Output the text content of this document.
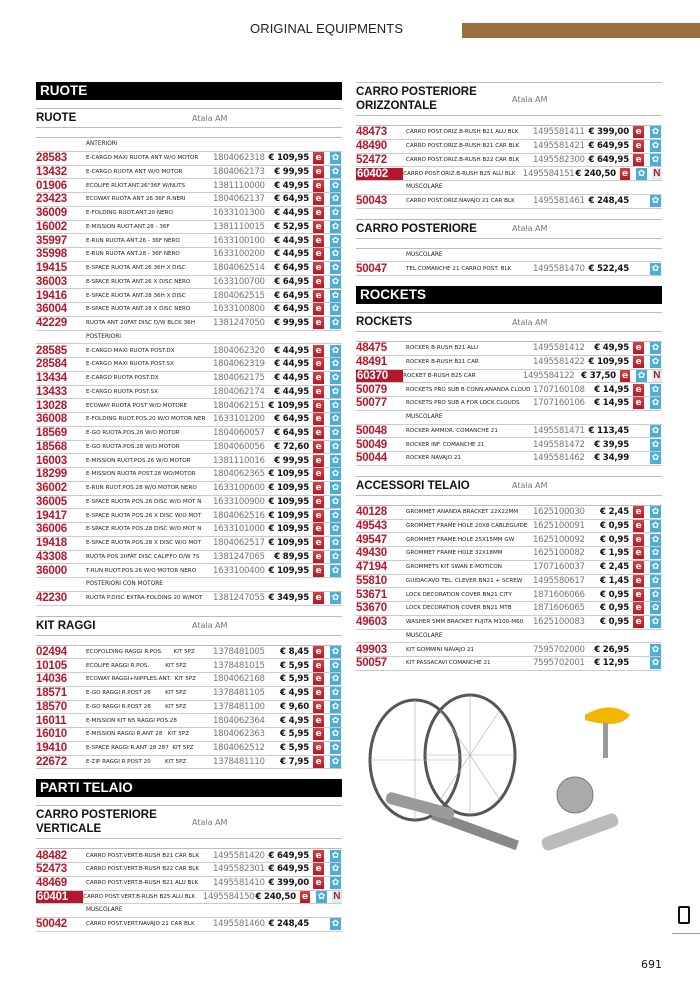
ORIGINAL EQUIPMENTS
RUOTE
RUOTE	Atala AM
ANTERIORI
28583	E-CARGO MAXI RUOTA ANT W/O MOTOR	1804062318 € 109,95 e ✿
13432	E-CARGO RUOTA ANT W/O MOTOR	1804062173	€ 99,95 e ✿
01906	ECOLIFE RUOT.ANT.26"36F W/NUTS	1381110000	€ 49,95 e ✿
23423	ECOWAY RUOTA ANT 26 36F R.NERI	1804062137	€ 64,95 e ✿
36009	E-FOLDING RUOT.ANT.20 NERO	1633101300	€ 44,95 e ✿
16002	E-MISSION RUOT.ANT.28 - 36F	1381110015	€ 52,95 e ✿
35997	E-RUN RUOTA ANT.26 - 36F NERO	1633100100	€ 44,95 e ✿
35998	E-RUN RUOTA ANT.28 - 36F NERO	1633100200	€ 44,95 e ✿
19415	E-SPACE RUOTA ANT.26 36H X DISC	1804062514	€ 64,95 e ✿
36003	E-SPACE RUOTA ANT.26 X DISC NERO	1633100700	€ 64,95 e ✿
19416	E-SPACE RUOTA ANT.28 36H X DISC	1804062515	€ 64,95 e ✿
36004	E-SPACE RUOTA ANT.28 X DISC NERO	1633100800	€ 64,95 e ✿
42229	RUOTA ANT 20FAT DISC D/W BLCK 36H	1381247050	€ 99,95 e ✿
POSTERIORI
28585	E-CARGO MAXI RUOTA POST.DX	1804062320	€ 44,95 e ✿
28584	E-CARGO MAXI RUOTA POST.SX	1804062319	€ 44,95 e ✿
13434	E-CARGO RUOTA POST.DX	1804062175	€ 44,95 e ✿
13433	E-CARGO RUOTA POST.SX	1804062174	€ 44,95 e ✿
13028	ECOWAY RUOTA POST W/O MOTORE	1804062151 € 109,95 e ✿
36008	E-FOLDING RUOT.POS.20 W/O MOTOR NER 1633101200	€ 64,95 e ✿
18569	E-GO RUOTA.POS.26 W/O MOTOR	1804060057	€ 64,95 e ✿
18568	E-GO RUOTA.POS.28 W/O MOTOR	1804060056	€ 72,60 e ✿
16003	E-MISSION RUOT.POS.26 W/O MOTOR	1381110016	€ 99,95 e ✿
18299	E-MISSION RUOTA POST.28 WO/MOTOR	1804062365 € 109,95 e ✿
36002	E-RUN RUOT.POS.28 W/O MOTOR NERO	1633100600 € 109,95 e ✿
36005	E-SPACE RUOTA POS.26 DISC W/O MOT N	1633100900 € 109,95 e ✿
19417	E-SPACE RUOTA POS.26 X DISC W/O MOT	1804062516 € 109,95 e ✿
36006	E-SPACE RUOTA POS.28 DISC W/O MOT N	1633101000 € 109,95 e ✿
19418	E-SPACE RUOTA POS.28 X DISC W/O MOT	1804062517 € 109,95 e ✿
43308	RUOTA POS 20FAT DISC CALIFFO D/W 7S	1381247065	€ 89,95 e ✿
36000	T-RUN RUOT.POS.26 W/O MOTOR NERO	1633100400 € 109,95 e ✿
POSTERIORI CON MOTORE
42230	RUOTA P.DISC EXTRA-FOLDING 20 W/MOT	1381247055 € 349,95 e ✿
KIT RAGGI	Atala AM
02494	ECOFOLDING RAGGI R.POS.      KIT 5PZ	1378481005	€ 8,45 e ✿
10105	ECOLIFE RAGGI R.POS.         KIT 5PZ	1378481015	€ 5,95 e ✿
14036	ECOWAY RAGGI+NIPPLES.ANT.  KIT 5PZ	1804062168	€ 5,95 e ✿
18571	E-GO RAGGI R.POST 26        KIT 5PZ	1378481105	€ 4,95 e ✿
18570	E-GO RAGGI R.POST 28        KIT 5PZ	1378481100	€ 9,60 e ✿
16011	E-MISSION KIT N5 RAGGI POS.28	1804062364	€ 4,95 e ✿
16010	E-MISSION RAGGI R.ANT 28   KIT 5PZ	1804062363	€ 5,95 e ✿
19410	E-SPACE RAGGI R.ANT 28 287  KIT 5PZ	1804062512	€ 5,95 e ✿
22672	E-ZIP RAGGI R.POST 20        KIT 5PZ	1378481110	€ 7,95 e ✿
PARTI TELAIO
CARRO POSTERIORE VERTICALE
Atala AM
48482	CARRO POST.VERT.B-RUSH B21 CAR BLK	1495581420 € 649,95 e ✿
52473	CARRO POST.VERT.B-RUSH B22 CAR BLK	1495582301 € 649,95 e ✿
48469	CARRO POST.VERT.B-RUSH B21 ALU BLK	1495581410 € 399,00 e ✿
60401	CARRO POST.VERT.B-RUSH B25 ALU BLK 1495584150 € 240,50 e ✿ N
MUSCOLARE
50042	CARRO POST.VERT.NAVAJO 21 CAR BLK	1495581460 € 248,45	✿
CARRO POSTERIORE ORIZZONTALE
Atala AM
48473	CARRO POST.ORIZ.B-RUSH B21 ALU BLK	1495581411 € 399,00 e ✿
48490	CARRO POST.ORIZ.B-RUSH B21 CAR BLK	1495581421 € 649,95 e ✿
52472	CARRO POST.ORIZ.B-RUSH B22 CAR BLK	1495582300 € 649,95 e ✿
60402	CARRO POST.ORIZ.B-RUSH B25 ALU BLK 1495584151 € 240,50 e ✿ N
MUSCOLARE
50043	CARRO POST.ORIZ.NAVAJO 21 CAR BLK	1495581461 € 248,45	✿
CARRO POSTERIORE	Atala AM
MUSCOLARE
50047	TEL.COMANCHE 21 CARRO POST. BLK	1495581470 € 522,45	✿
ROCKETS
ROCKETS	Atala AM
48475	ROCKER B-RUSH B21 ALU	1495581412	€ 49,95 e ✿
48491	ROCKER B-RUSH B21 CAR	1495581422 € 109,95 e ✿
60370	ROCKET B-RUSH B25 CAR	1495584122 € 37,50 e ✿ N
50079	ROCKETS PRO SUB B CONN.ANANDA CLOUD 1707160108	€ 14,95 e ✿
50077	ROCKETS PRO SUB A FOR LOCK CLOUDS	1707160106	€ 14,95 e ✿
MUSCOLARE
50048	ROCKER AMMOR. COMANCHE 21	1495581471 € 113,45	✿
50049	ROCKER INF. COMANCHE 21	1495581472	€ 39,95	✿
50044	ROCKER NAVAJO 21	1495581462	€ 34,99	✿
ACCESSORI TELAIO	Atala AM
40128	GROMMET ANANDA BRACKET 22X22MM	1625100030	€ 2,45 e ✿
49543	GROMMET FRAME HOLE 20X8 CABLEGUIDE 1625100091	€ 0,95 e ✿
49547	GROMMET FRAME HOLE 25X15MM GW	1625100092	€ 0,95 e ✿
49430	GROMMET FRAME HOLE 32X18MM	1625100082	€ 1,95 e ✿
47194	GROMMETS KIT SWAN E-MOTICON	1707160037	€ 2,45 e ✿
55810	GUIDACAVO TEL. CLEVER BN21 + SCREW	1495580617	€ 1,45 e ✿
53671	LOCK DECORATION COVER BN21 CITY	1871606066	€ 0,95 e ✿
53670	LOCK DECORATION COVER BN21 MTB	1871606065	€ 0,95 e ✿
49603	WASHER 5MM BRACKET FUJITA M100-M60	1625100083	€ 0,95 e ✿
MUSCOLARE
49903	KIT GOMMINI NAVAJO 21	7595702000	€ 26,95	✿
50057	KIT PASSACAVI COMANCHE 21	7595702001	€ 12,95	✿
691
